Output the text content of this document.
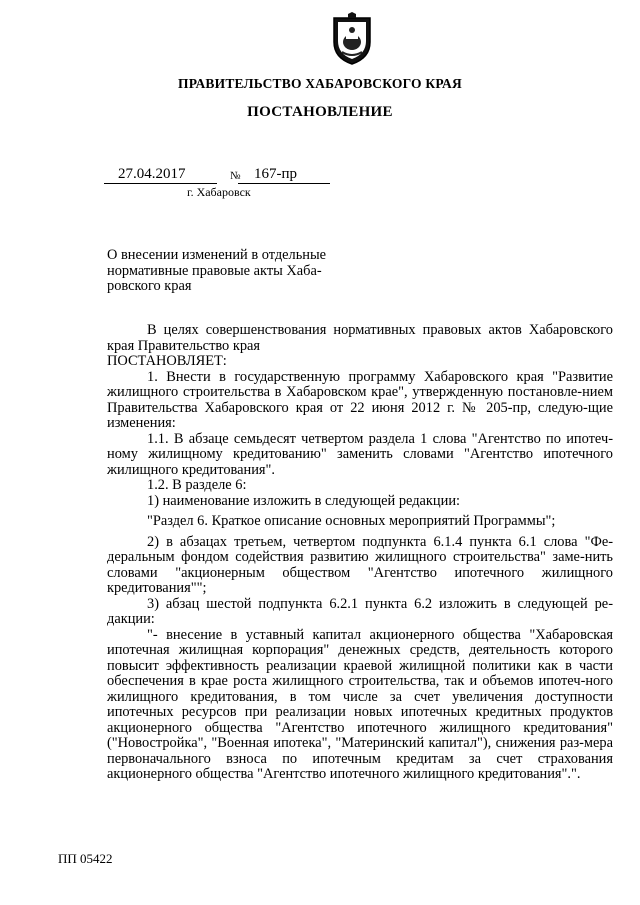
ПРАВИТЕЛЬСТВО ХАБАРОВСКОГО КРАЯ
ПОСТАНОВЛЕНИЕ
27.04.2017	№ 167-пр
г. Хабаровск
О внесении изменений в отдельные нормативные правовые акты Хаба-ровского края

В целях совершенствования нормативных правовых актов Хабаровского края Правительство края

ПОСТАНОВЛЯЕТ:

1. Внести в государственную программу Хабаровского края "Развитие жилищного строительства в Хабаровском крае", утвержденную постановле-нием Правительства Хабаровского края от 22 июня 2012 г. № 205-пр, следую-щие изменения:

1.1. В абзаце семьдесят четвертом раздела 1 слова "Агентство по ипотеч-ному жилищному кредитованию" заменить словами "Агентство ипотечного жилищного кредитования".

1.2. В разделе 6:

1) наименование изложить в следующей редакции:

"Раздел 6. Краткое описание основных мероприятий Программы";

2) в абзацах третьем, четвертом подпункта 6.1.4 пункта 6.1 слова "Фе-деральным фондом содействия развитию жилищного строительства" заме-нить словами "акционерным обществом "Агентство ипотечного жилищного кредитования"";

3) абзац шестой подпункта 6.2.1 пункта 6.2 изложить в следующей ре-дакции:

"- внесение в уставный капитал акционерного общества "Хабаровская ипотечная жилищная корпорация" денежных средств, деятельность которого повысит эффективность реализации краевой жилищной политики как в части обеспечения в крае роста жилищного строительства, так и объемов ипотеч-ного жилищного кредитования, в том числе за счет увеличения доступности ипотечных ресурсов при реализации новых ипотечных кредитных продуктов акционерного общества "Агентство ипотечного жилищного кредитования" ("Новостройка", "Военная ипотека", "Материнский капитал"), снижения раз-мера первоначального взноса по ипотечным кредитам за счет страхования акционерного общества "Агентство ипотечного жилищного кредитования".".

ПП 05422
